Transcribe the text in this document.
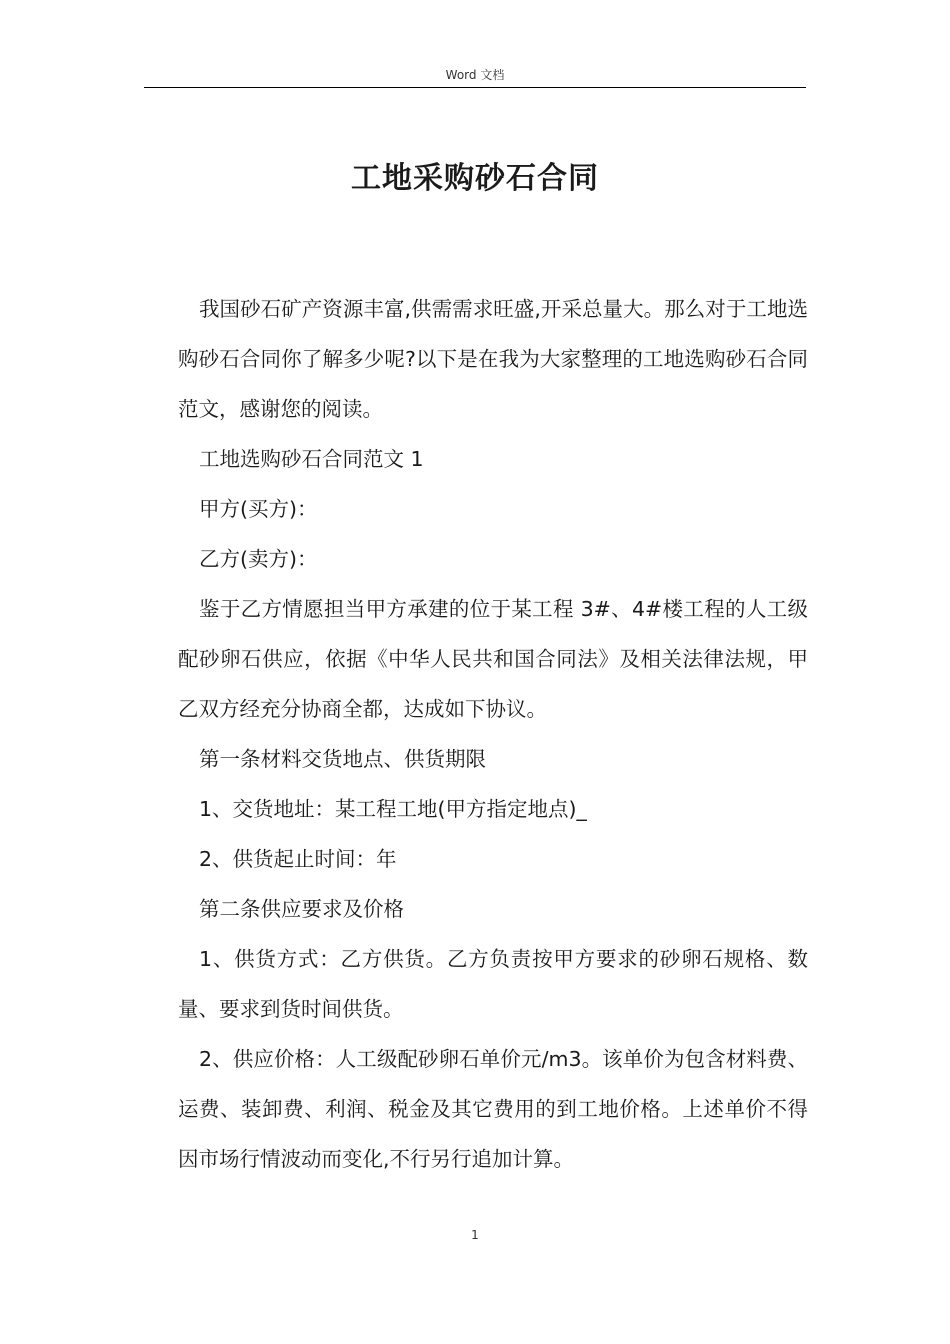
Word 文档
工地采购砂石合同

我国砂石矿产资源丰富,供需需求旺盛,开采总量大。那么对于工地选购砂石合同你了解多少呢?以下是在我为大家整理的工地选购砂石合同范文，感谢您的阅读。

工地选购砂石合同范文 1

甲方(买方)：

乙方(卖方)：

鉴于乙方情愿担当甲方承建的位于某工程 3#、4#楼工程的人工级配砂卵石供应，依据《中华人民共和国合同法》及相关法律法规，甲乙双方经充分协商全都，达成如下协议。

第一条材料交货地点、供货期限

1、交货地址：某工程工地(甲方指定地点)_

2、供货起止时间：年

第二条供应要求及价格

1、供货方式：乙方供货。乙方负责按甲方要求的砂卵石规格、数量、要求到货时间供货。

2、供应价格：人工级配砂卵石单价元/m3。该单价为包含材料费、运费、装卸费、利润、税金及其它费用的到工地价格。上述单价不得因市场行情波动而变化,不行另行追加计算。

1
